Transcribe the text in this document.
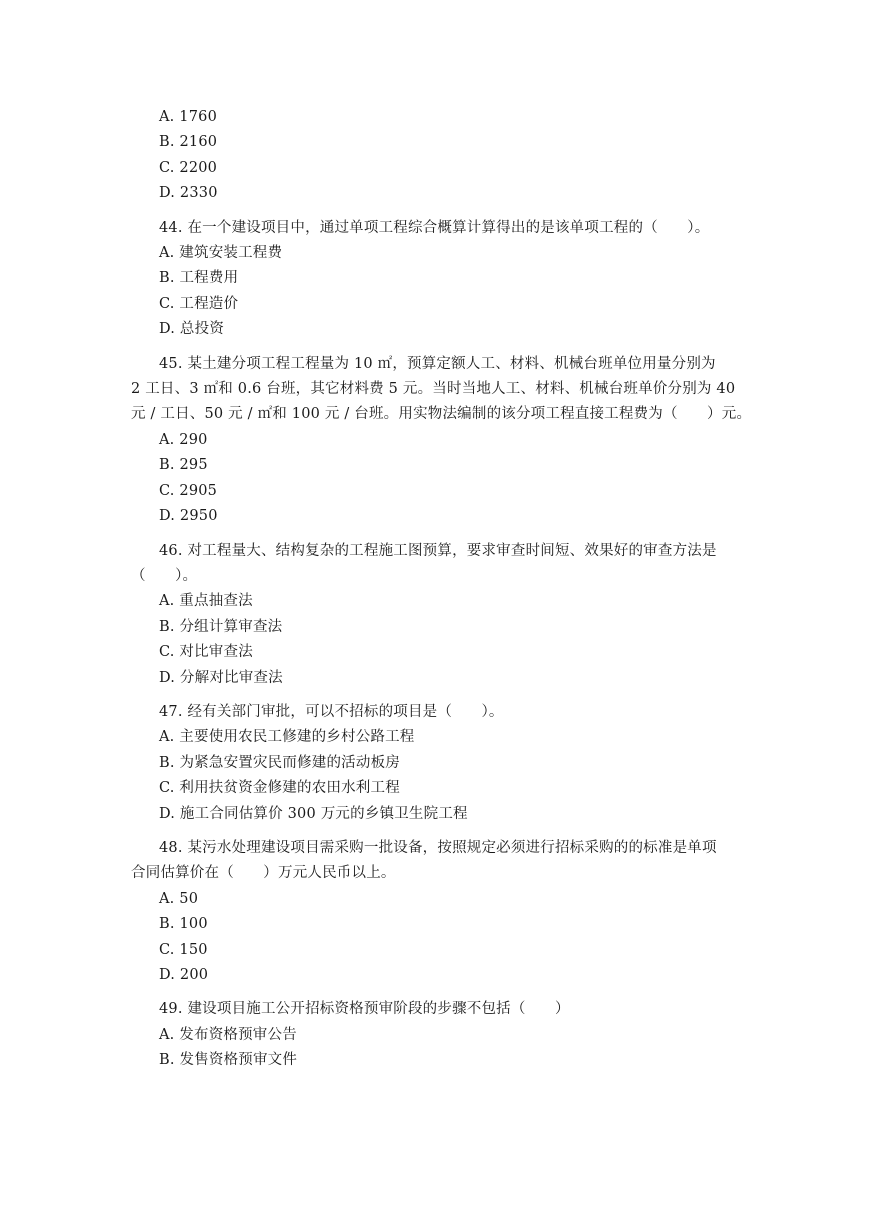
A. 1760
B. 2160
C. 2200
D. 2330
44. 在一个建设项目中，通过单项工程综合概算计算得出的是该单项工程的（　　）。
A. 建筑安装工程费
B. 工程费用
C. 工程造价
D. 总投资
45. 某土建分项工程工程量为 10 ㎡，预算定额人工、材料、机械台班单位用量分别为
2 工日、3 ㎡和 0.6 台班，其它材料费 5 元。当时当地人工、材料、机械台班单价分别为 40
元 / 工日、50 元 / ㎡和 100 元 / 台班。用实物法编制的该分项工程直接工程费为（　　）元。
A. 290
B. 295
C. 2905
D. 2950
46. 对工程量大、结构复杂的工程施工图预算，要求审查时间短、效果好的审查方法是
（　　）。
A. 重点抽查法
B. 分组计算审查法
C. 对比审查法
D. 分解对比审查法
47. 经有关部门审批，可以不招标的项目是（　　）。
A. 主要使用农民工修建的乡村公路工程
B. 为紧急安置灾民而修建的活动板房
C. 利用扶贫资金修建的农田水利工程
D. 施工合同估算价 300 万元的乡镇卫生院工程
48. 某污水处理建设项目需采购一批设备，按照规定必须进行招标采购的的标准是单项
合同估算价在（　　）万元人民币以上。
A. 50
B. 100
C. 150
D. 200
49. 建设项目施工公开招标资格预审阶段的步骤不包括（　　）
A. 发布资格预审公告
B. 发售资格预审文件
